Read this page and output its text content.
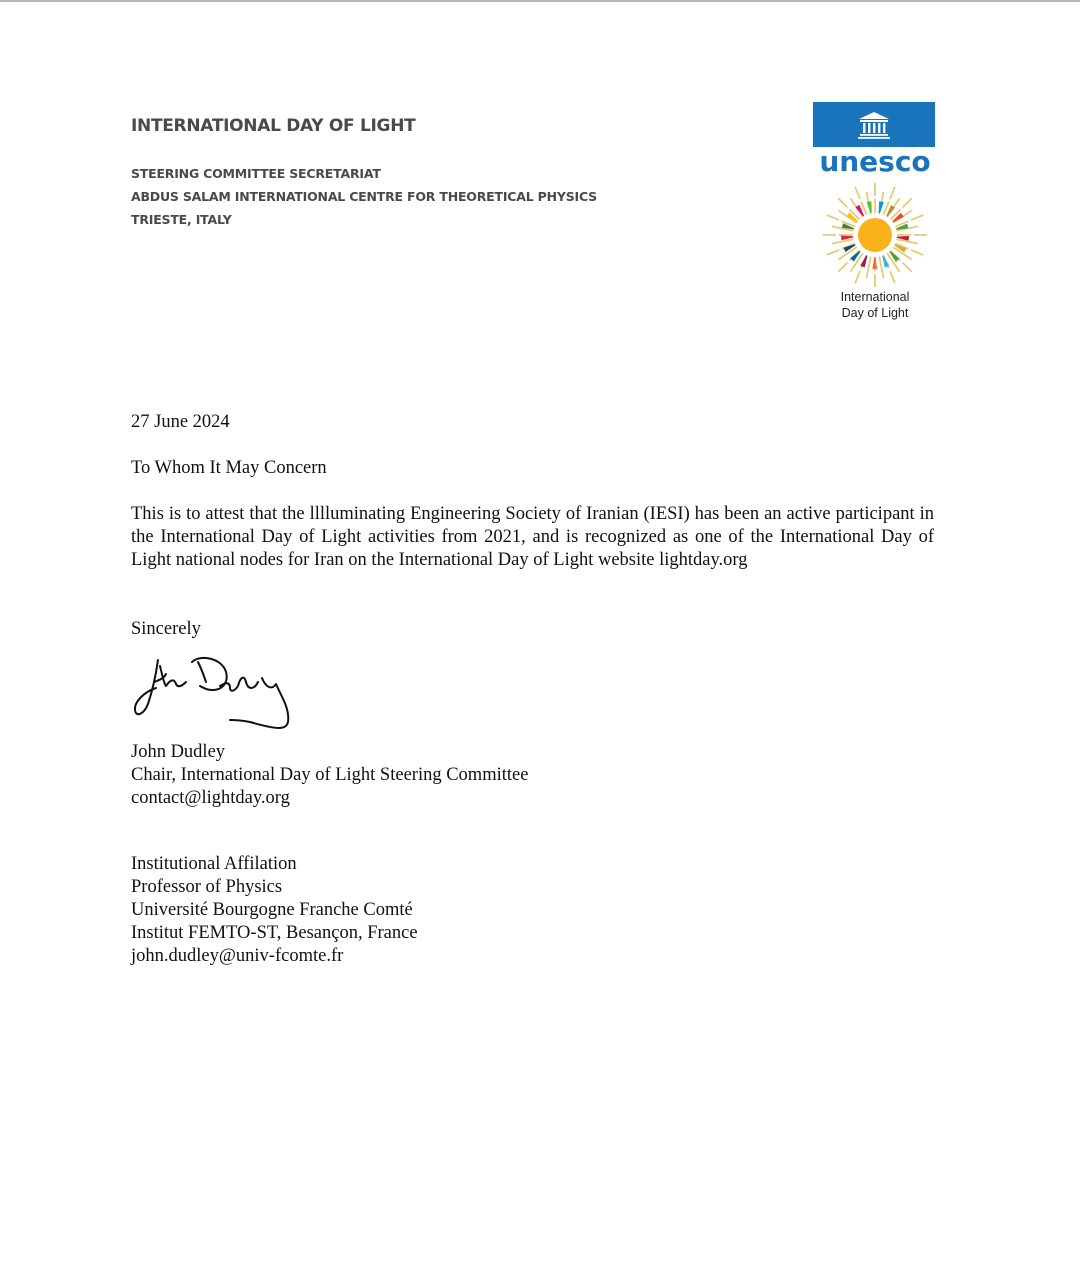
INTERNATIONAL DAY OF LIGHT
STEERING COMMITTEE SECRETARIAT
ABDUS SALAM INTERNATIONAL CENTRE FOR THEORETICAL PHYSICS
TRIESTE, ITALY
unesco
International
Day of Light
27 June 2024
To Whom It May Concern
This is to attest that the lllluminating Engineering Society of Iranian (IESI) has been an active participant in the International Day of Light activities from 2021, and is recognized as one of the International Day of Light national nodes for Iran on the International Day of Light website lightday.org
Sincerely
John Dudley
Chair, International Day of Light Steering Committee
contact@lightday.org
Institutional Affilation
Professor of Physics
Université Bourgogne Franche Comté
Institut FEMTO-ST, Besançon, France
john.dudley@univ-fcomte.fr
